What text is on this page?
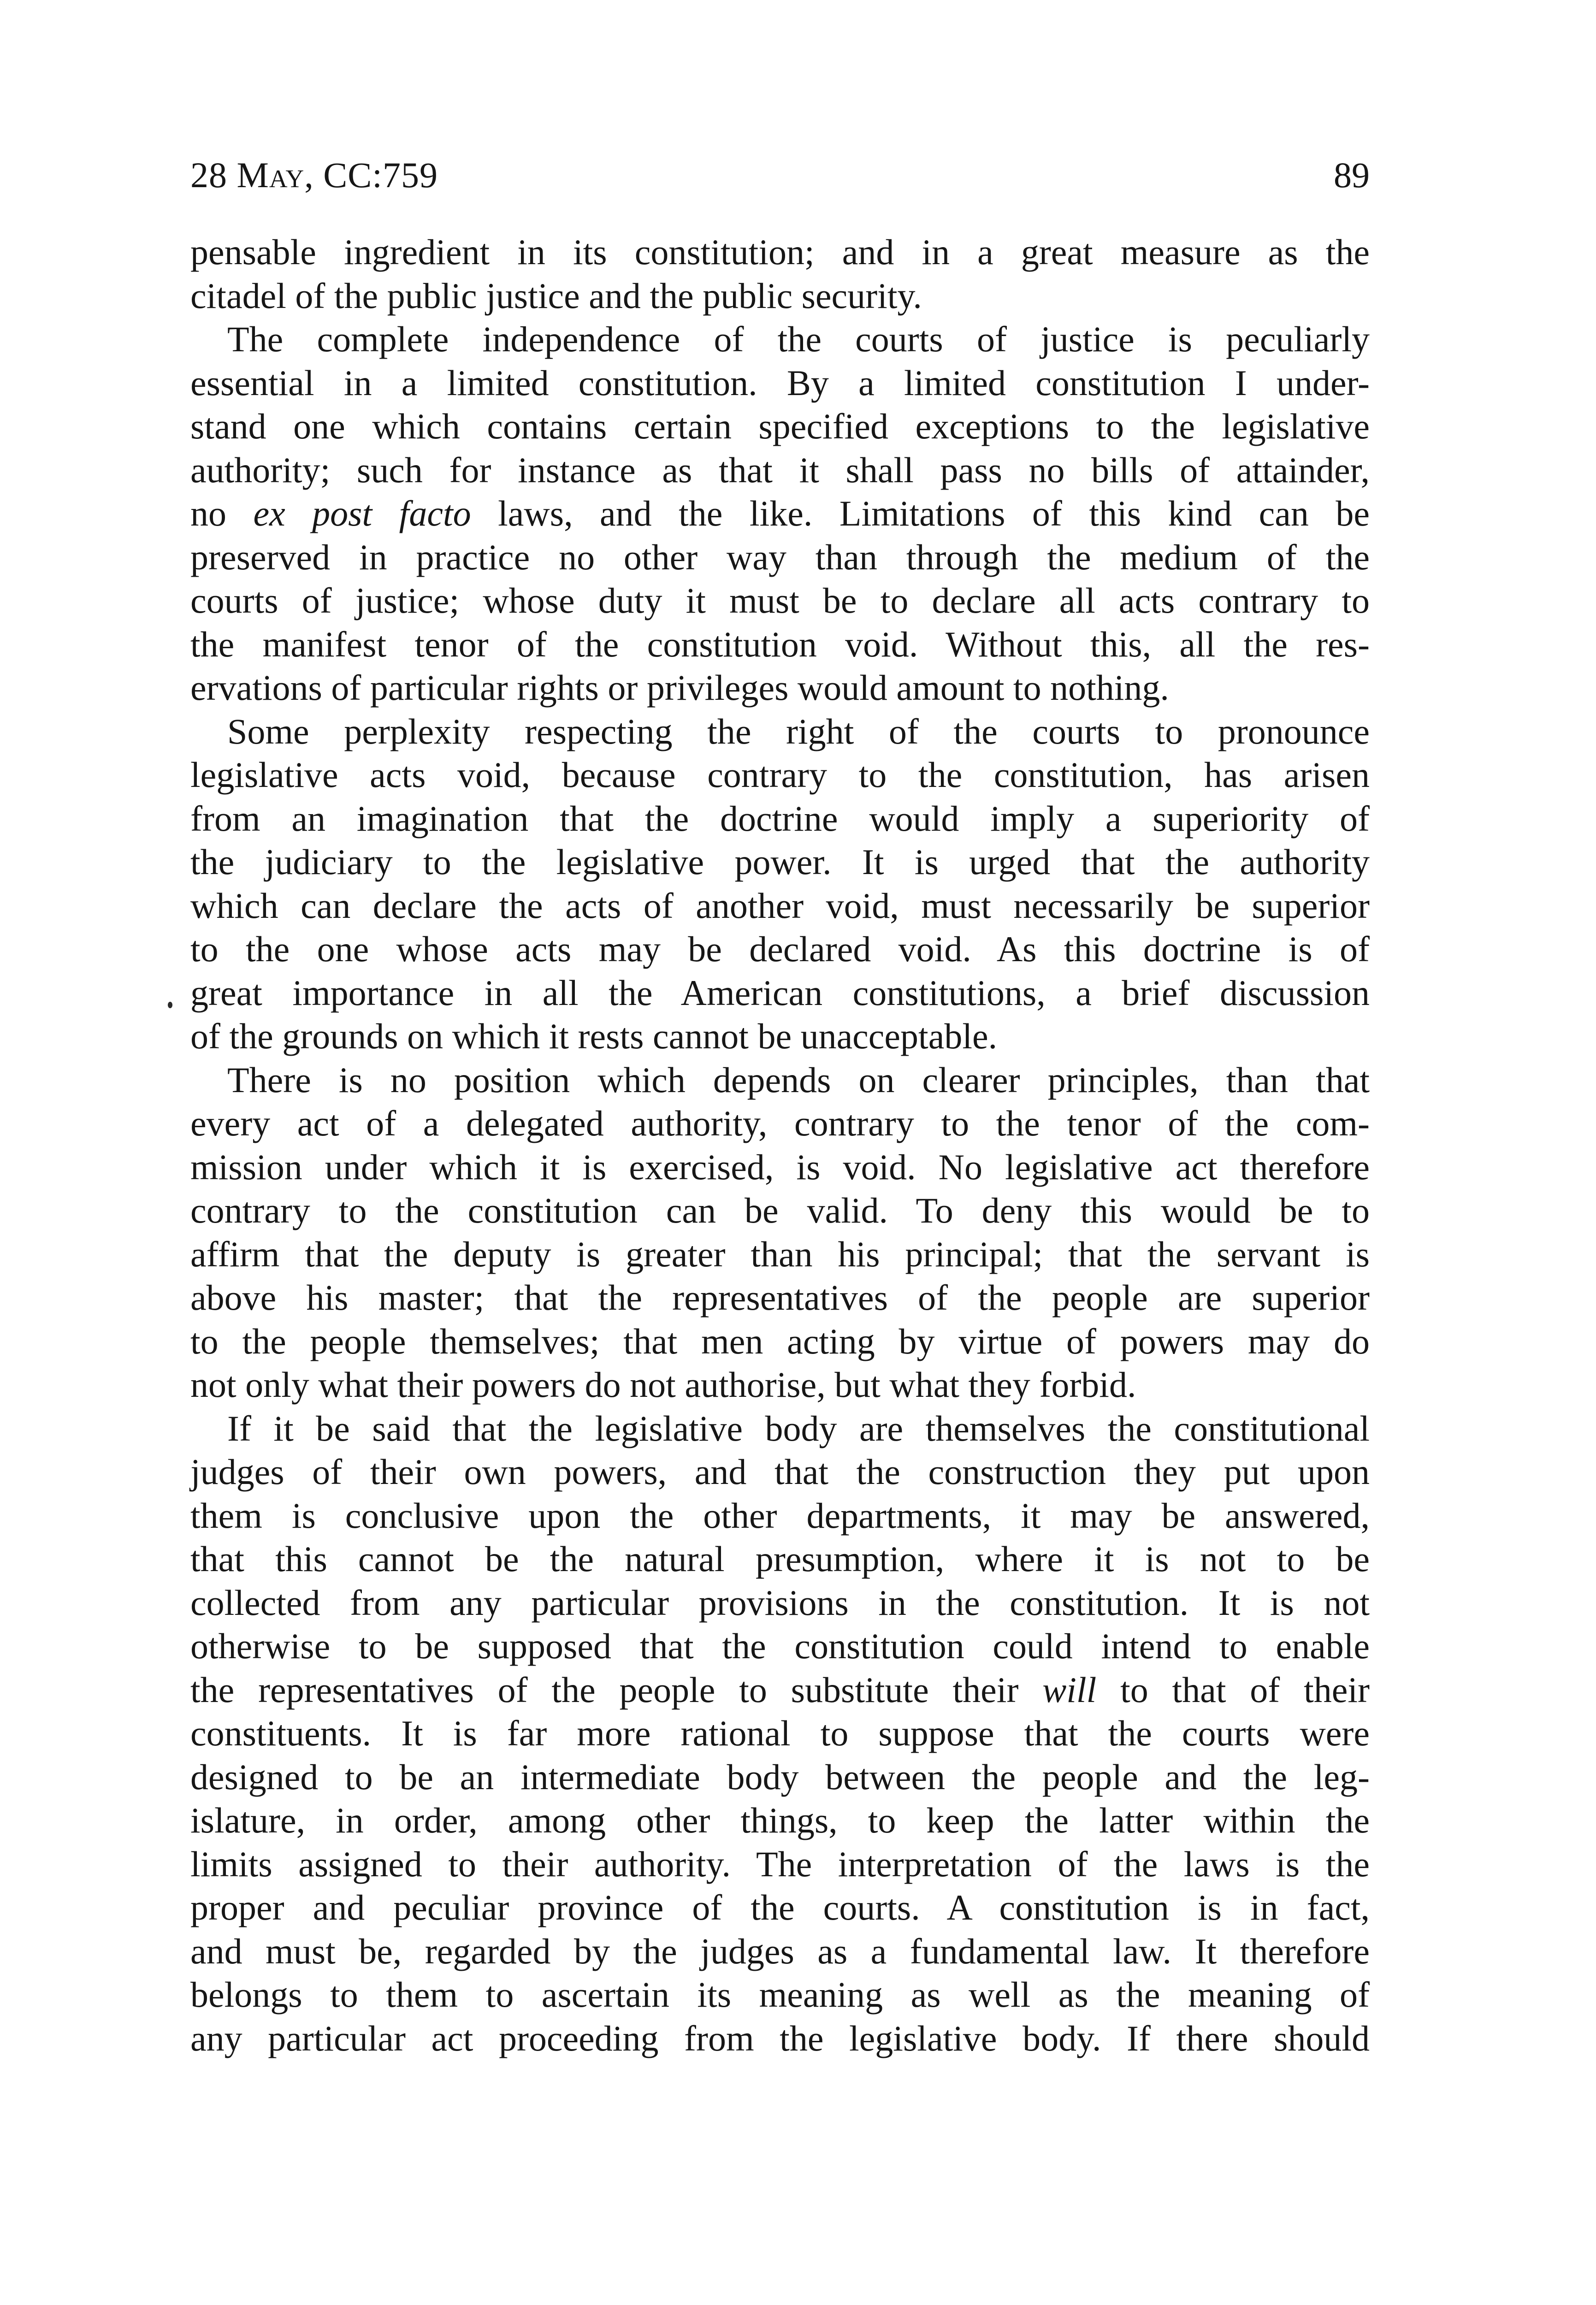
28 May, CC:759	89
pensable ingredient in its constitution; and in a great measure as the
citadel of the public justice and the public security.
The complete independence of the courts of justice is peculiarly
essential in a limited constitution. By a limited constitution I under-
stand one which contains certain specified exceptions to the legislative
authority; such for instance as that it shall pass no bills of attainder,
no ex post facto laws, and the like. Limitations of this kind can be
preserved in practice no other way than through the medium of the
courts of justice; whose duty it must be to declare all acts contrary to
the manifest tenor of the constitution void. Without this, all the res-
ervations of particular rights or privileges would amount to nothing.
Some perplexity respecting the right of the courts to pronounce
legislative acts void, because contrary to the constitution, has arisen
from an imagination that the doctrine would imply a superiority of
the judiciary to the legislative power. It is urged that the authority
which can declare the acts of another void, must necessarily be superior
to the one whose acts may be declared void. As this doctrine is of
great importance in all the American constitutions, a brief discussion
of the grounds on which it rests cannot be unacceptable.
There is no position which depends on clearer principles, than that
every act of a delegated authority, contrary to the tenor of the com-
mission under which it is exercised, is void. No legislative act therefore
contrary to the constitution can be valid. To deny this would be to
affirm that the deputy is greater than his principal; that the servant is
above his master; that the representatives of the people are superior
to the people themselves; that men acting by virtue of powers may do
not only what their powers do not authorise, but what they forbid.
If it be said that the legislative body are themselves the constitutional
judges of their own powers, and that the construction they put upon
them is conclusive upon the other departments, it may be answered,
that this cannot be the natural presumption, where it is not to be
collected from any particular provisions in the constitution. It is not
otherwise to be supposed that the constitution could intend to enable
the representatives of the people to substitute their will to that of their
constituents. It is far more rational to suppose that the courts were
designed to be an intermediate body between the people and the leg-
islature, in order, among other things, to keep the latter within the
limits assigned to their authority. The interpretation of the laws is the
proper and peculiar province of the courts. A constitution is in fact,
and must be, regarded by the judges as a fundamental law. It therefore
belongs to them to ascertain its meaning as well as the meaning of
any particular act proceeding from the legislative body. If there should
